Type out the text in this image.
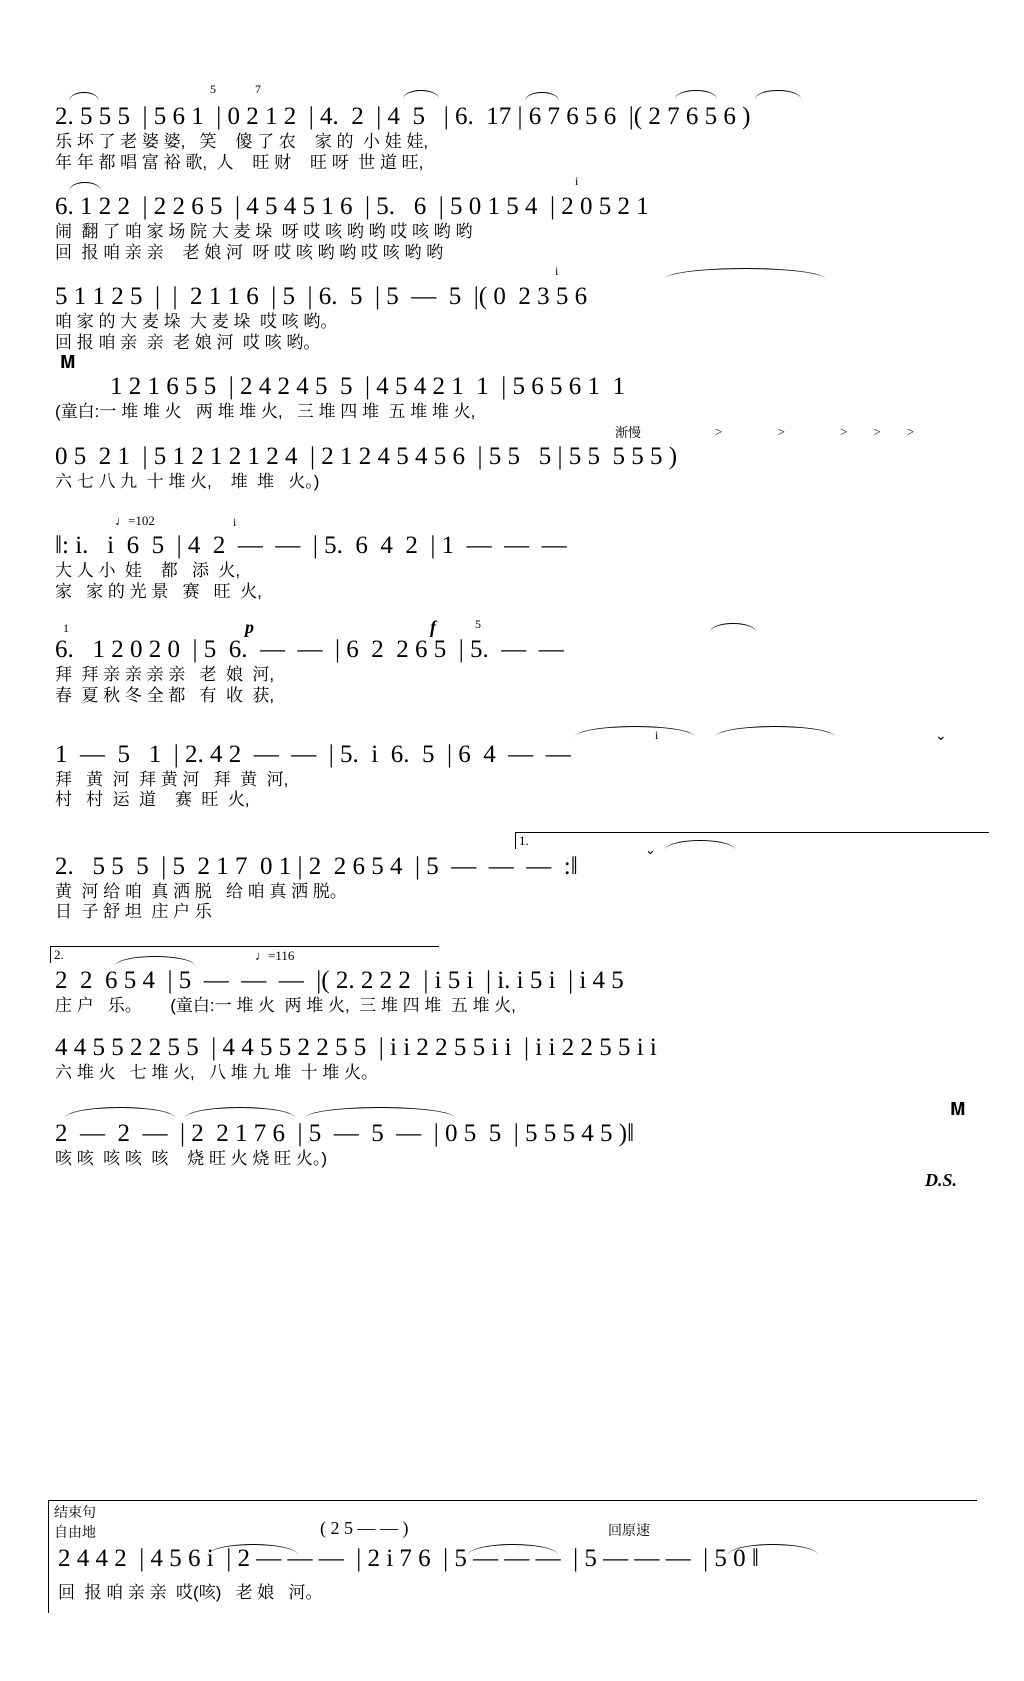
5
 	7
2. 5 5 5  | 5 6 1  | 0 2 1 2  | 4.  2  | 4  5   | 6.  17 | 6 7 6 5 6  |( 2 7 6 5 6 )
乐 坏 了 老 婆 婆,   笑    傻 了 农    家 的  小 娃 娃,
年 年 都 唱 富 裕 歌,  人    旺 财    旺 呀  世 道 旺,
i
6. 1 2 2  | 2 2 6 5  | 4 5 4 5 1 6  | 5.   6  | 5 0 1 5 4  | 2 0 5 2 1
闹  翻 了 咱 家 场 院 大 麦 垛  呀 哎 咳 哟 哟 哎 咳 哟 哟
回  报 咱 亲 亲    老 娘 河  呀 哎 咳 哟 哟 哎 咳 哟 哟
i
5 1 1 2 5  |  |  2 1 1 6  | 5  | 6.  5  | 5  —  5  |( 0  2 3 5 6
咱 家 的 大 麦 垛  大 麦 垛  哎 咳 哟。
回 报 咱 亲  亲  老 娘 河  哎 咳 哟。
𝐌
1 2 1 6 5 5  | 2 4 2 4 5  5  | 4 5 4 2 1  1  | 5 6 5 6 1  1
(童白:一 堆 堆 火   两 堆 堆 火,   三 堆 四 堆  五 堆 堆 火,
渐慢	> > >>>
0 5  2 1  | 5 1 2 1 2 1 2 4  | 2 1 2 4 5 4 5 6  | 5 5   5 | 5 5  5 5 5 )
六 七 八 九  十 堆 火,    堆  堆   火。)
♩=102	i
‖: i.   i  6  5  | 4  2  —  —  | 5.  6  4  2  | 1  —  —  —
大 人 小  娃    都   添  火,
家   家 的 光 景   赛   旺  火,
p	f	5
1
6.   1 2 0 2 0  | 5  6.  —  —  | 6  2  2 6 5  | 5.  —  —
拜  拜 亲 亲 亲 亲   老  娘  河,
春  夏 秋 冬 全 都   有  收  获,
i	⌄
1  —  5   1  | 2. 4 2  —  —  | 5.  i  6.  5  | 6  4  —  —
拜   黄  河  拜 黄 河   拜  黄  河,
村   村  运  道    赛  旺  火,
1.
⌄
2.   5 5  5  | 5  2 1 7  0 1 | 2  2 6 5 4  | 5  —  —  —  :‖
黄  河 给 咱  真 洒 脱   给 咱 真 洒 脱。
日  子 舒 坦  庄 户 乐
2.	♩=116
2  2  6 5 4  | 5  —  —  —  |( 2. 2 2 2  | i 5 i  | i. i 5 i  | i 4 5
庄 户   乐。      (童白:一 堆 火  两 堆 火,  三 堆 四 堆  五 堆 火,
4 4 5 5 2 2 5 5  | 4 4 5 5 2 2 5 5  | i i 2 2 5 5 i i  | i i 2 2 5 5 i i
六 堆 火   七 堆 火,   八 堆 九 堆  十 堆 火。
𝐌
2  —  2  —  | 2  2 1 7 6  | 5  —  5  —  | 0 5  5  | 5 5 5 4 5 )‖
咳 咳  咳 咳  咳    烧 旺 火 烧 旺 火。)
D.S.
结束句
自由地	回原速
( 2 5 — — )
2 4 4 2  | 4 5 6 i  | 2 — — —  | 2 i 7 6  | 5 — — —  | 5 — — —  | 5 0 ‖
回  报 咱 亲 亲  哎(咳)   老 娘   河。
